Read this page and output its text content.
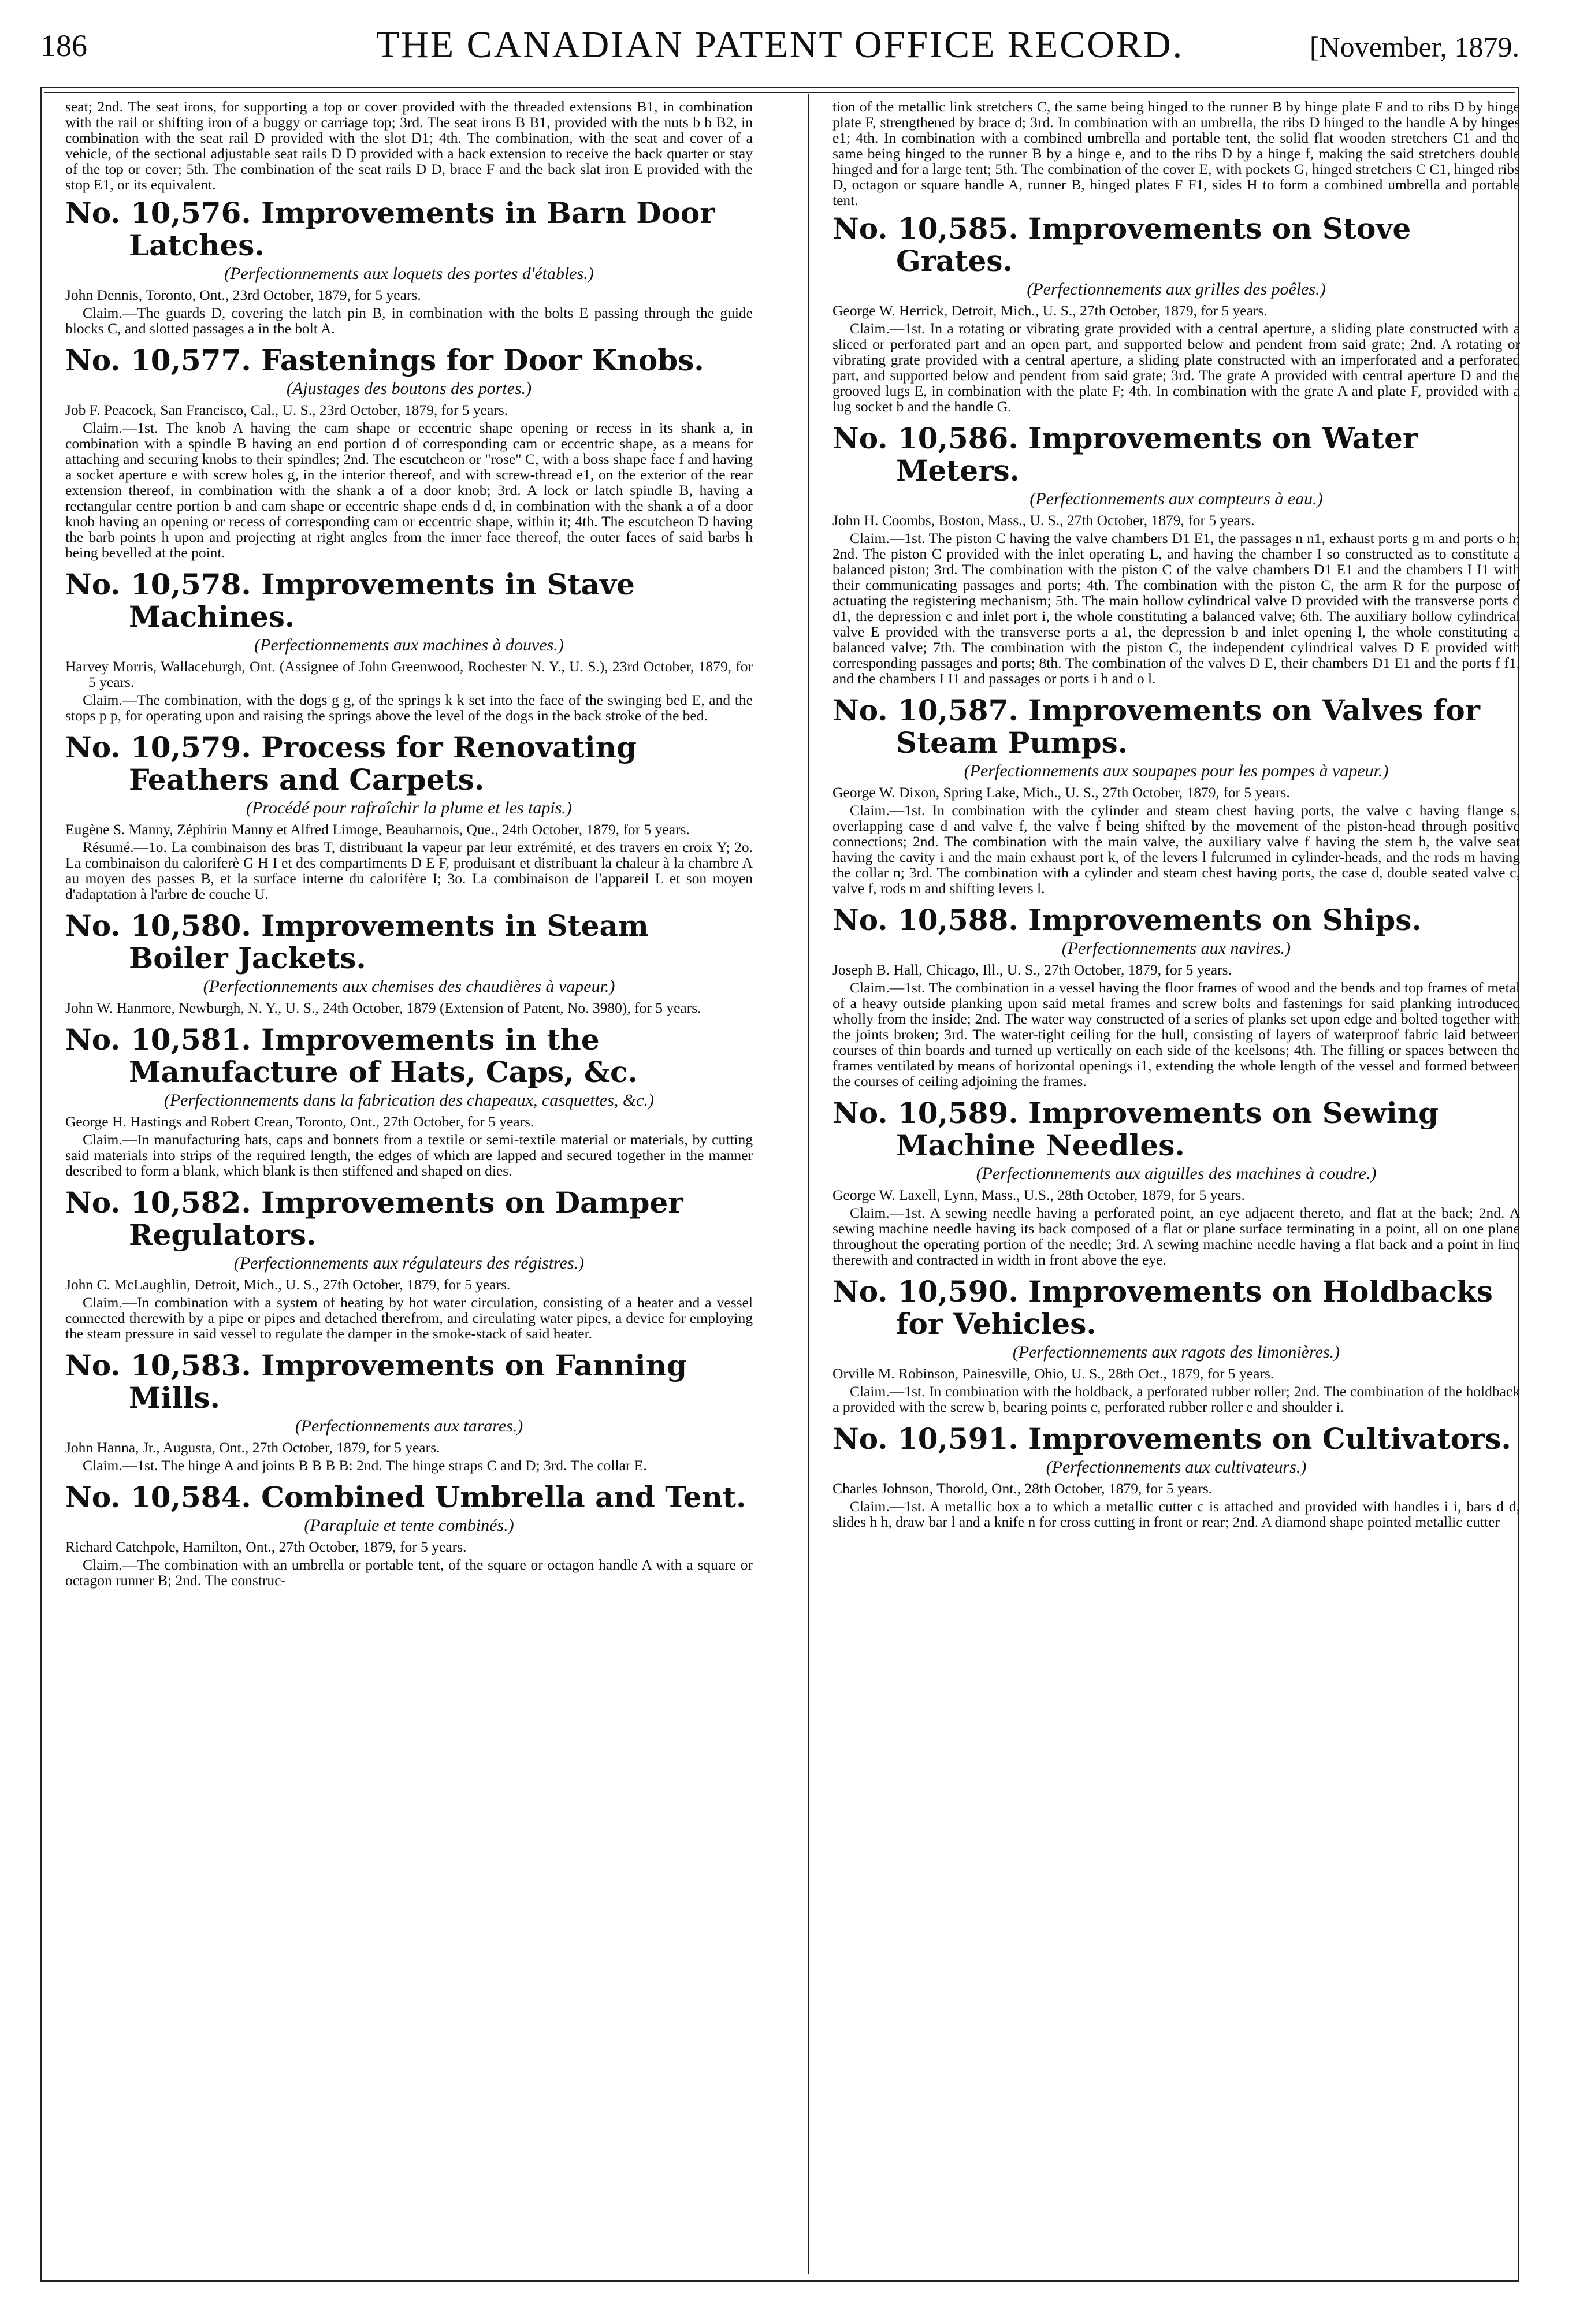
186	THE CANADIAN PATENT OFFICE RECORD.	[November, 1879.

seat; 2nd. The seat irons, for supporting a top or cover provided with the threaded extensions B1, in combination with the rail or shifting iron of a buggy or carriage top; 3rd. The seat irons B B1, provided with the nuts b b B2, in combination with the seat rail D provided with the slot D1; 4th. The combination, with the seat and cover of a vehicle, of the sectional adjustable seat rails D D provided with a back extension to receive the back quarter or stay of the top or cover; 5th. The combination of the seat rails D D, brace F and the back slat iron E provided with the stop E1, or its equivalent.

No. 10,576. Improvements in Barn Door Latches.
(Perfectionnements aux loquets des portes d'étables.)

John Dennis, Toronto, Ont., 23rd October, 1879, for 5 years.

Claim.—The guards D, covering the latch pin B, in combination with the bolts E passing through the guide blocks C, and slotted passages a in the bolt A.

No. 10,577. Fastenings for Door Knobs.
(Ajustages des boutons des portes.)

Job F. Peacock, San Francisco, Cal., U. S., 23rd October, 1879, for 5 years.

Claim.—1st. The knob A having the cam shape or eccentric shape opening or recess in its shank a, in combination with a spindle B having an end portion d of corresponding cam or eccentric shape, as a means for attaching and securing knobs to their spindles; 2nd. The escutcheon or "rose" C, with a boss shape face f and having a socket aperture e with screw holes g, in the interior thereof, and with screw-thread e1, on the exterior of the rear extension thereof, in combination with the shank a of a door knob; 3rd. A lock or latch spindle B, having a rectangular centre portion b and cam shape or eccentric shape ends d d, in combination with the shank a of a door knob having an opening or recess of corresponding cam or eccentric shape, within it; 4th. The escutcheon D having the barb points h upon and projecting at right angles from the inner face thereof, the outer faces of said barbs h being bevelled at the point.

No. 10,578. Improvements in Stave Machines.
(Perfectionnements aux machines à douves.)

Harvey Morris, Wallaceburgh, Ont. (Assignee of John Greenwood, Rochester N. Y., U. S.), 23rd October, 1879, for 5 years.

Claim.—The combination, with the dogs g g, of the springs k k set into the face of the swinging bed E, and the stops p p, for operating upon and raising the springs above the level of the dogs in the back stroke of the bed.

No. 10,579. Process for Renovating Feathers and Carpets.
(Procédé pour rafraîchir la plume et les tapis.)

Eugène S. Manny, Zéphirin Manny et Alfred Limoge, Beauharnois, Que., 24th October, 1879, for 5 years.

Résumé.—1o. La combinaison des bras T, distribuant la vapeur par leur extrémité, et des travers en croix Y; 2o. La combinaison du caloriferè G H I et des compartiments D E F, produisant et distribuant la chaleur à la chambre A au moyen des passes B, et la surface interne du calorifère I; 3o. La combinaison de l'appareil L et son moyen d'adaptation à l'arbre de couche U.

No. 10,580. Improvements in Steam Boiler Jackets.
(Perfectionnements aux chemises des chaudières à vapeur.)

John W. Hanmore, Newburgh, N. Y., U. S., 24th October, 1879 (Extension of Patent, No. 3980), for 5 years.

No. 10,581. Improvements in the Manufacture of Hats, Caps, &c.
(Perfectionnements dans la fabrication des chapeaux, casquettes, &c.)

George H. Hastings and Robert Crean, Toronto, Ont., 27th October, for 5 years.

Claim.—In manufacturing hats, caps and bonnets from a textile or semi-textile material or materials, by cutting said materials into strips of the required length, the edges of which are lapped and secured together in the manner described to form a blank, which blank is then stiffened and shaped on dies.

No. 10,582. Improvements on Damper Regulators.
(Perfectionnements aux régulateurs des régistres.)

John C. McLaughlin, Detroit, Mich., U. S., 27th October, 1879, for 5 years.

Claim.—In combination with a system of heating by hot water circulation, consisting of a heater and a vessel connected therewith by a pipe or pipes and detached therefrom, and circulating water pipes, a device for employing the steam pressure in said vessel to regulate the damper in the smoke-stack of said heater.

No. 10,583. Improvements on Fanning Mills.
(Perfectionnements aux tarares.)

John Hanna, Jr., Augusta, Ont., 27th October, 1879, for 5 years.

Claim.—1st. The hinge A and joints B B B B: 2nd. The hinge straps C and D; 3rd. The collar E.

No. 10,584. Combined Umbrella and Tent.
(Parapluie et tente combinés.)

Richard Catchpole, Hamilton, Ont., 27th October, 1879, for 5 years.

Claim.—The combination with an umbrella or portable tent, of the square or octagon handle A with a square or octagon runner B; 2nd. The construc-

tion of the metallic link stretchers C, the same being hinged to the runner B by hinge plate F and to ribs D by hinge plate F, strengthened by brace d; 3rd. In combination with an umbrella, the ribs D hinged to the handle A by hinges e1; 4th. In combination with a combined umbrella and portable tent, the solid flat wooden stretchers C1 and the same being hinged to the runner B by a hinge e, and to the ribs D by a hinge f, making the said stretchers double hinged and for a large tent; 5th. The combination of the cover E, with pockets G, hinged stretchers C C1, hinged ribs D, octagon or square handle A, runner B, hinged plates F F1, sides H to form a combined umbrella and portable tent.

No. 10,585. Improvements on Stove Grates.
(Perfectionnements aux grilles des poêles.)

George W. Herrick, Detroit, Mich., U. S., 27th October, 1879, for 5 years.

Claim.—1st. In a rotating or vibrating grate provided with a central aperture, a sliding plate constructed with a sliced or perforated part and an open part, and supported below and pendent from said grate; 2nd. A rotating or vibrating grate provided with a central aperture, a sliding plate constructed with an imperforated and a perforated part, and supported below and pendent from said grate; 3rd. The grate A provided with central aperture D and the grooved lugs E, in combination with the plate F; 4th. In combination with the grate A and plate F, provided with a lug socket b and the handle G.

No. 10,586. Improvements on Water Meters.
(Perfectionnements aux compteurs à eau.)

John H. Coombs, Boston, Mass., U. S., 27th October, 1879, for 5 years.

Claim.—1st. The piston C having the valve chambers D1 E1, the passages n n1, exhaust ports g m and ports o h; 2nd. The piston C provided with the inlet operating L, and having the chamber I so constructed as to constitute a balanced piston; 3rd. The combination with the piston C of the valve chambers D1 E1 and the chambers I I1 with their communicating passages and ports; 4th. The combination with the piston C, the arm R for the purpose of actuating the registering mechanism; 5th. The main hollow cylindrical valve D provided with the transverse ports d d1, the depression c and inlet port i, the whole constituting a balanced valve; 6th. The auxiliary hollow cylindrical valve E provided with the transverse ports a a1, the depression b and inlet opening l, the whole constituting a balanced valve; 7th. The combination with the piston C, the independent cylindrical valves D E provided with corresponding passages and ports; 8th. The combination of the valves D E, their chambers D1 E1 and the ports f f1, and the chambers I I1 and passages or ports i h and o l.

No. 10,587. Improvements on Valves for Steam Pumps.
(Perfectionnements aux soupapes pour les pompes à vapeur.)

George W. Dixon, Spring Lake, Mich., U. S., 27th October, 1879, for 5 years.

Claim.—1st. In combination with the cylinder and steam chest having ports, the valve c having flange s, overlapping case d and valve f, the valve f being shifted by the movement of the piston-head through positive connections; 2nd. The combination with the main valve, the auxiliary valve f having the stem h, the valve seat having the cavity i and the main exhaust port k, of the levers l fulcrumed in cylinder-heads, and the rods m having the collar n; 3rd. The combination with a cylinder and steam chest having ports, the case d, double seated valve c, valve f, rods m and shifting levers l.

No. 10,588. Improvements on Ships.
(Perfectionnements aux navires.)

Joseph B. Hall, Chicago, Ill., U. S., 27th October, 1879, for 5 years.

Claim.—1st. The combination in a vessel having the floor frames of wood and the bends and top frames of metal of a heavy outside planking upon said metal frames and screw bolts and fastenings for said planking introduced wholly from the inside; 2nd. The water way constructed of a series of planks set upon edge and bolted together with the joints broken; 3rd. The water-tight ceiling for the hull, consisting of layers of waterproof fabric laid between courses of thin boards and turned up vertically on each side of the keelsons; 4th. The filling or spaces between the frames ventilated by means of horizontal openings i1, extending the whole length of the vessel and formed between the courses of ceiling adjoining the frames.

No. 10,589. Improvements on Sewing Machine Needles.
(Perfectionnements aux aiguilles des machines à coudre.)

George W. Laxell, Lynn, Mass., U.S., 28th October, 1879, for 5 years.

Claim.—1st. A sewing needle having a perforated point, an eye adjacent thereto, and flat at the back; 2nd. A sewing machine needle having its back composed of a flat or plane surface terminating in a point, all on one plane throughout the operating portion of the needle; 3rd. A sewing machine needle having a flat back and a point in line therewith and contracted in width in front above the eye.

No. 10,590. Improvements on Holdbacks for Vehicles.
(Perfectionnements aux ragots des limonières.)

Orville M. Robinson, Painesville, Ohio, U. S., 28th Oct., 1879, for 5 years.

Claim.—1st. In combination with the holdback, a perforated rubber roller; 2nd. The combination of the holdback a provided with the screw b, bearing points c, perforated rubber roller e and shoulder i.

No. 10,591. Improvements on Cultivators.
(Perfectionnements aux cultivateurs.)

Charles Johnson, Thorold, Ont., 28th October, 1879, for 5 years.

Claim.—1st. A metallic box a to which a metallic cutter c is attached and provided with handles i i, bars d d, slides h h, draw bar l and a knife n for cross cutting in front or rear; 2nd. A diamond shape pointed metallic cutter
